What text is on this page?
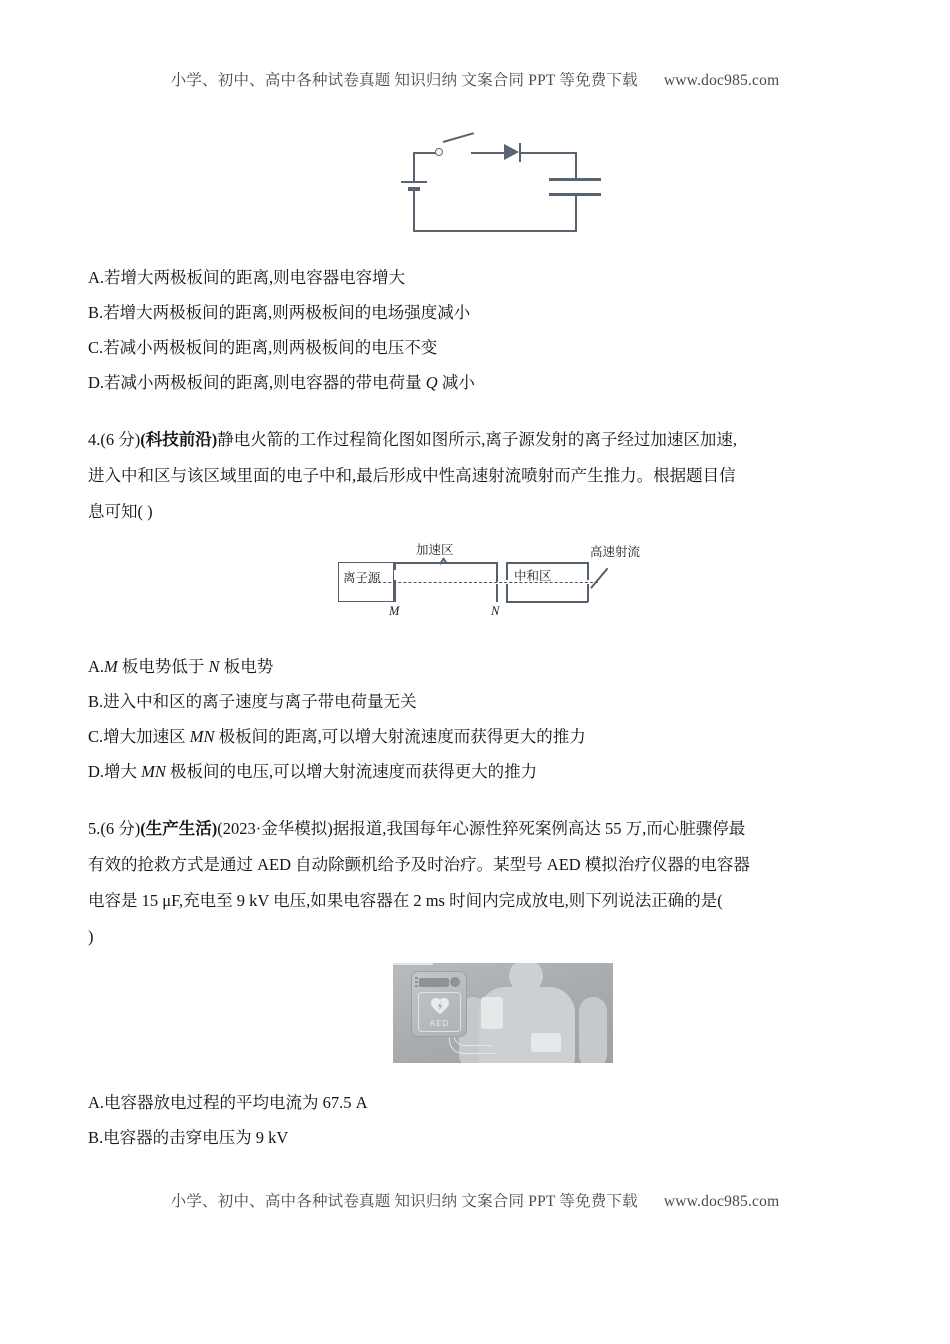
小学、初中、高中各种试卷真题 知识归纳 文案合同 PPT 等免费下载 www.doc985.com
A.若增大两极板间的距离,则电容器电容增大
B.若增大两极板间的距离,则两极板间的电场强度减小
C.若减小两极板间的距离,则两极板间的电压不变
D.若减小两极板间的距离,则电容器的带电荷量 Q 减小
4.(6 分)(科技前沿)静电火箭的工作过程简化图如图所示,离子源发射的离子经过加速区加速,
进入中和区与该区域里面的电子中和,最后形成中性高速射流喷射而产生推力。根据题目信
息可知( )
加速区
离子源	中和区
M	N
高速射流
A.M 板电势低于 N 板电势
B.进入中和区的离子速度与离子带电荷量无关
C.增大加速区 MN 极板间的距离,可以增大射流速度而获得更大的推力
D.增大 MN 极板间的电压,可以增大射流速度而获得更大的推力
5.(6 分)(生产生活)(2023·金华模拟)据报道,我国每年心源性猝死案例高达 55 万,而心脏骤停最
有效的抢救方式是通过 AED 自动除颤机给予及时治疗。某型号 AED 模拟治疗仪器的电容器
电容是 15 μF,充电至 9 kV 电压,如果电容器在 2 ms 时间内完成放电,则下列说法正确的是(
)
AED
A.电容器放电过程的平均电流为 67.5 A
B.电容器的击穿电压为 9 kV
小学、初中、高中各种试卷真题 知识归纳 文案合同 PPT 等免费下载 www.doc985.com
